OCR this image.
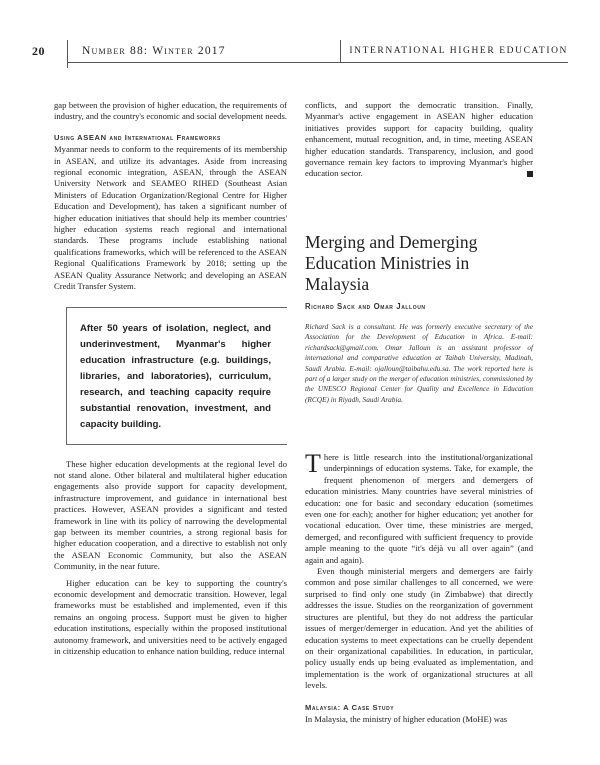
20	Number 88: Winter 2017	INTERNATIONAL HIGHER EDUCATION

gap between the provision of higher education, the requirements of industry, and the country's economic and social development needs.

Using ASEAN and International Frameworks

Myanmar needs to conform to the requirements of its membership in ASEAN, and utilize its advantages. Aside from increasing regional economic integration, ASEAN, through the ASEAN University Network and SEAMEO RIHED (Southeast Asian Ministers of Education Organization/Regional Centre for Higher Education and Development), has taken a significant number of higher education initiatives that should help its member countries' higher education systems reach regional and international standards. These programs include establishing national qualifications frameworks, which will be referenced to the ASEAN Regional Qualifications Framework by 2018; setting up the ASEAN Quality Assurance Network; and developing an ASEAN Credit Transfer System.

After 50 years of isolation, neglect, and underinvestment, Myanmar's higher education infrastructure (e.g. buildings, libraries, and laboratories), curriculum, research, and teaching capacity require substantial renovation, investment, and capacity building.

These higher education developments at the regional level do not stand alone. Other bilateral and multilateral higher education engagements also provide support for capacity development, infrastructure improvement, and guidance in international best practices. However, ASEAN provides a significant and tested framework in line with its policy of narrowing the developmental gap between its member countries, a strong regional basis for higher education cooperation, and a directive to establish not only the ASEAN Economic Community, but also the ASEAN Community, in the near future.

Higher education can be key to supporting the country's economic development and democratic transition. However, legal frameworks must be established and implemented, even if this remains an ongoing process. Support must be given to higher education institutions, especially within the proposed institutional autonomy framework, and universities need to be actively engaged in citizenship education to enhance nation building, reduce internal

conflicts, and support the democratic transition. Finally, Myanmar's active engagement in ASEAN higher education initiatives provides support for capacity building, quality enhancement, mutual recognition, and, in time, meeting ASEAN higher education standards. Transparency, inclusion, and good governance remain key factors to improving Myanmar's higher education sector.

Merging and Demerging Education Ministries in Malaysia
Richard Sack and Omar Jalloun
Richard Sack is a consultant. He was formerly executive secretary of the Association for the Development of Education in Africa. E-mail: richardsack@gmail.com. Omar Jalloun is an assistant professor of international and comparative education at Taibah University, Madinah, Saudi Arabia. E-mail: ojalloun@taibahu.edu.sa. The work reported here is part of a larger study on the merger of education ministries, commissioned by the UNESCO Regional Center for Quality and Excellence in Education (RCQE) in Riyadh, Saudi Arabia.

There is little research into the institutional/organizational underpinnings of education systems. Take, for example, the frequent phenomenon of mergers and demergers of education ministries. Many countries have several ministries of education: one for basic and secondary education (sometimes even one for each); another for higher education; yet another for vocational education. Over time, these ministries are merged, demerged, and reconfigured with sufficient frequency to provide ample meaning to the quote “it's déjà vu all over again” (and again and again).

Even though ministerial mergers and demergers are fairly common and pose similar challenges to all concerned, we were surprised to find only one study (in Zimbabwe) that directly addresses the issue. Studies on the reorganization of government structures are plentiful, but they do not address the particular issues of merger/demerger in education. And yet the abilities of education systems to meet expectations can be cruelly dependent on their organizational capabilities. In education, in particular, policy usually ends up being evaluated as implementation, and implementation is the work of organizational structures at all levels.

Malaysia: A Case Study

In Malaysia, the ministry of higher education (MoHE) was
